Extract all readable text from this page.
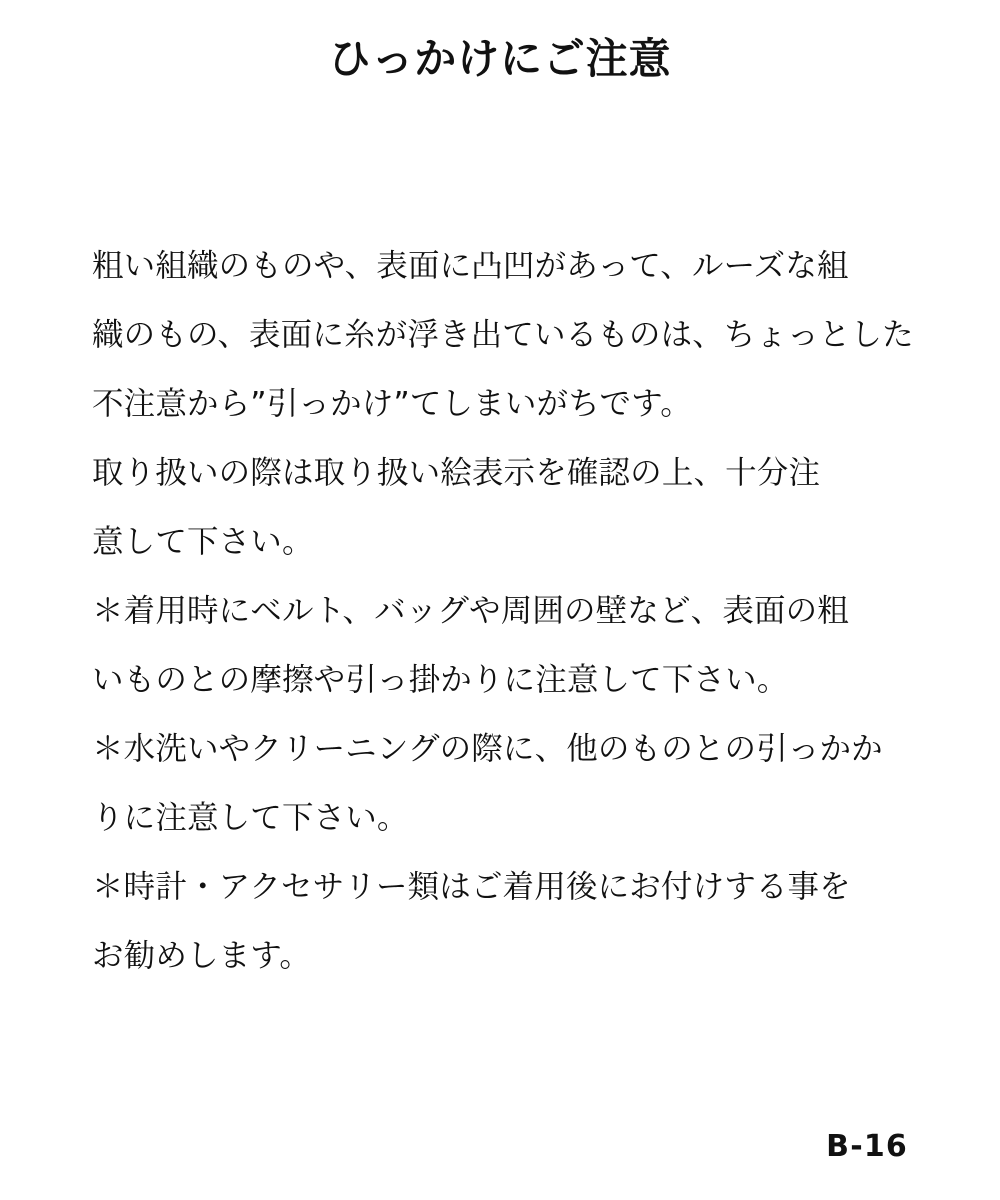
ひっかけにご注意
粗い組織のものや、表面に凸凹があって、ルーズな組
織のもの、表面に糸が浮き出ているものは、ちょっとした
不注意から”引っかけ”てしまいがちです。
取り扱いの際は取り扱い絵表示を確認の上、十分注
意して下さい。
＊着用時にベルト、バッグや周囲の壁など、表面の粗
いものとの摩擦や引っ掛かりに注意して下さい。
＊水洗いやクリーニングの際に、他のものとの引っかか
りに注意して下さい。
＊時計・アクセサリー類はご着用後にお付けする事を
お勧めします。
B-16
